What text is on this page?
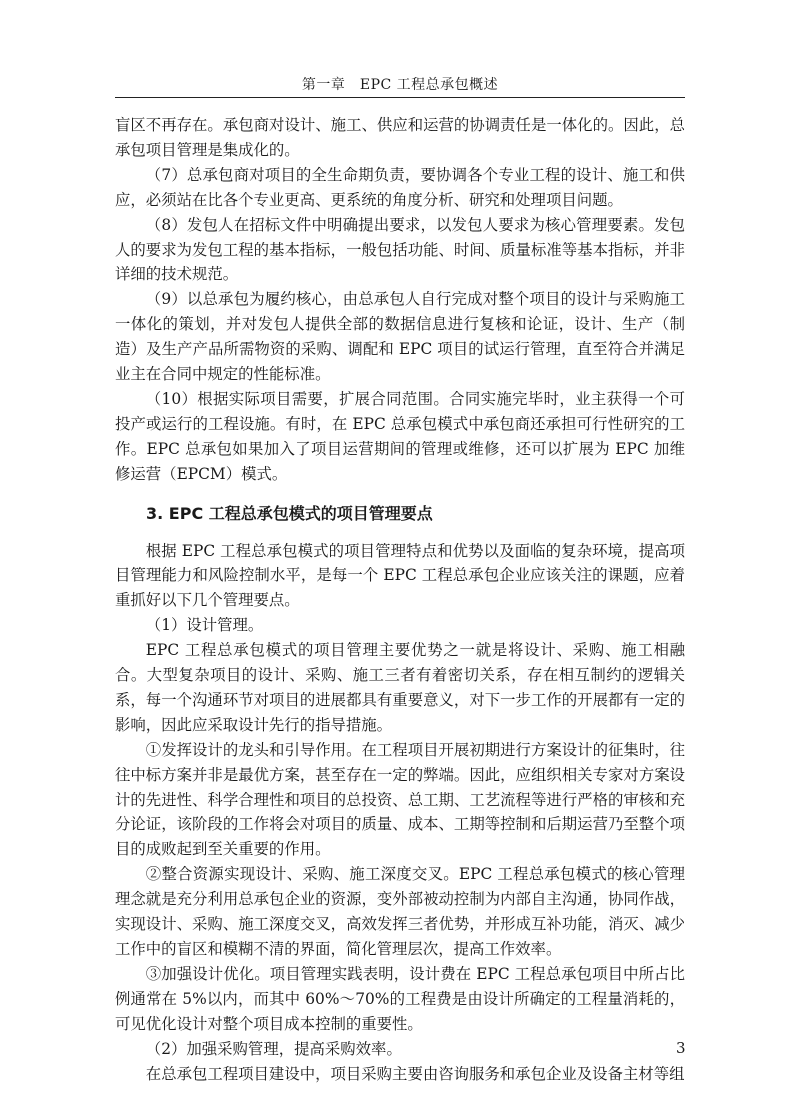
第一章　EPC 工程总承包概述

盲区不再存在。承包商对设计、施工、供应和运营的协调责任是一体化的。因此，总承包项目管理是集成化的。

（7）总承包商对项目的全生命期负责，要协调各个专业工程的设计、施工和供应，必须站在比各个专业更高、更系统的角度分析、研究和处理项目问题。

（8）发包人在招标文件中明确提出要求，以发包人要求为核心管理要素。发包人的要求为发包工程的基本指标，一般包括功能、时间、质量标准等基本指标，并非详细的技术规范。

（9）以总承包为履约核心，由总承包人自行完成对整个项目的设计与采购施工一体化的策划，并对发包人提供全部的数据信息进行复核和论证，设计、生产（制造）及生产产品所需物资的采购、调配和 EPC 项目的试运行管理，直至符合并满足业主在合同中规定的性能标准。

（10）根据实际项目需要，扩展合同范围。合同实施完毕时，业主获得一个可投产或运行的工程设施。有时，在 EPC 总承包模式中承包商还承担可行性研究的工作。EPC 总承包如果加入了项目运营期间的管理或维修，还可以扩展为 EPC 加维修运营（EPCM）模式。

3. EPC 工程总承包模式的项目管理要点

根据 EPC 工程总承包模式的项目管理特点和优势以及面临的复杂环境，提高项目管理能力和风险控制水平，是每一个 EPC 工程总承包企业应该关注的课题，应着重抓好以下几个管理要点。

（1）设计管理。

EPC 工程总承包模式的项目管理主要优势之一就是将设计、采购、施工相融合。大型复杂项目的设计、采购、施工三者有着密切关系，存在相互制约的逻辑关系，每一个沟通环节对项目的进展都具有重要意义，对下一步工作的开展都有一定的影响，因此应采取设计先行的指导措施。

①发挥设计的龙头和引导作用。在工程项目开展初期进行方案设计的征集时，往往中标方案并非是最优方案，甚至存在一定的弊端。因此，应组织相关专家对方案设计的先进性、科学合理性和项目的总投资、总工期、工艺流程等进行严格的审核和充分论证，该阶段的工作将会对项目的质量、成本、工期等控制和后期运营乃至整个项目的成败起到至关重要的作用。

②整合资源实现设计、采购、施工深度交叉。EPC 工程总承包模式的核心管理理念就是充分利用总承包企业的资源，变外部被动控制为内部自主沟通，协同作战，实现设计、采购、施工深度交叉，高效发挥三者优势，并形成互补功能，消灭、减少工作中的盲区和模糊不清的界面，简化管理层次，提高工作效率。

③加强设计优化。项目管理实践表明，设计费在 EPC 工程总承包项目中所占比例通常在 5%以内，而其中 60%～70%的工程费是由设计所确定的工程量消耗的，可见优化设计对整个项目成本控制的重要性。

（2）加强采购管理，提高采购效率。

在总承包工程项目建设中，项目采购主要由咨询服务和承包企业及设备主材等组

3
